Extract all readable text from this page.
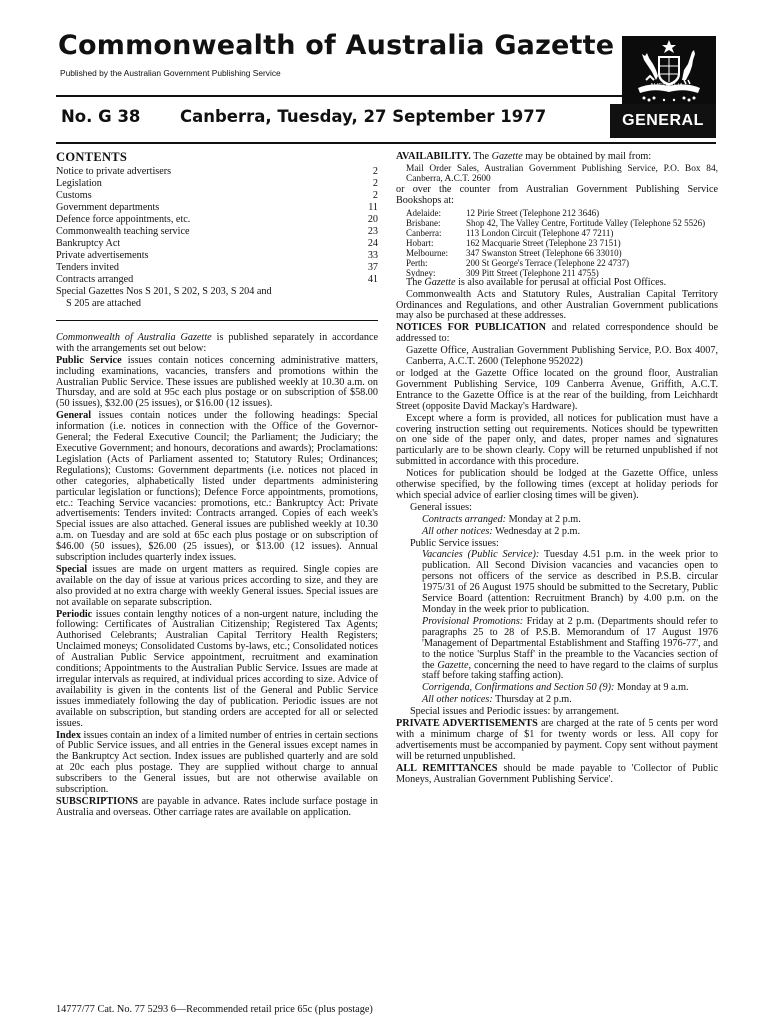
Commonwealth of Australia Gazette
Published by the Australian Government Publishing Service
AUSTRALIA
No. G 38 Canberra, Tuesday, 27 September 1977	GENERAL
CONTENTS
Notice to private advertisers	2
Legislation	2
Customs	2
Government departments	11
Defence force appointments, etc.	20
Commonwealth teaching service	23
Bankruptcy Act	24
Private advertisements	33
Tenders invited	37
Contracts arranged	41
Special Gazettes Nos S 201, S 202, S 203, S 204 and
S 205 are attached

Commonwealth of Australia Gazette is published separately in accordance with the arrangements set out below:

Public Service issues contain notices concerning administrative matters, including examinations, vacancies, transfers and promotions within the Australian Public Service. These issues are published weekly at 10.30 a.m. on Thursday, and are sold at 95c each plus postage or on subscription of $58.00 (50 issues), $32.00 (25 issues), or $16.00 (12 issues).

General issues contain notices under the following headings: Special information (i.e. notices in connection with the Office of the Governor-General; the Federal Executive Council; the Parliament; the Judiciary; the Executive Government; and honours, decorations and awards); Proclamations: Legislation (Acts of Parliament assented to; Statutory Rules; Ordinances; Regulations); Customs: Government departments (i.e. notices not placed in other categories, alphabetically listed under departments administering particular legislation or functions); Defence Force appointments, promotions, etc.: Teaching Service vacancies: promotions, etc.: Bankruptcy Act: Private advertisements: Tenders invited: Contracts arranged. Copies of each week's Special issues are also attached. General issues are published weekly at 10.30 a.m. on Tuesday and are sold at 65c each plus postage or on subscription of $46.00 (50 issues), $26.00 (25 issues), or $13.00 (12 issues). Annual subscription includes quarterly index issues.

Special issues are made on urgent matters as required. Single copies are available on the day of issue at various prices according to size, and they are also provided at no extra charge with weekly General issues. Special issues are not available on separate subscription.

Periodic issues contain lengthy notices of a non-urgent nature, including the following: Certificates of Australian Citizenship; Registered Tax Agents; Authorised Celebrants; Australian Capital Territory Health Registers; Unclaimed moneys; Consolidated Customs by-laws, etc.; Consolidated notices of Australian Public Service appointment, recruitment and examination conditions; Appointments to the Australian Public Service. Issues are made at irregular intervals as required, at individual prices according to size. Advice of availability is given in the contents list of the General and Public Service issues immediately following the day of publication. Periodic issues are not available on subscription, but standing orders are accepted for all or selected issues.

Index issues contain an index of a limited number of entries in certain sections of Public Service issues, and all entries in the General issues except names in the Bankruptcy Act section. Index issues are published quarterly and are sold at 20c each plus postage. They are supplied without charge to annual subscribers to the General issues, but are not otherwise available on subscription.

SUBSCRIPTIONS are payable in advance. Rates include surface postage in Australia and overseas. Other carriage rates are available on application.

AVAILABILITY. The Gazette may be obtained by mail from:

Mail Order Sales, Australian Government Publishing Service, P.O. Box 84, Canberra, A.C.T. 2600

or over the counter from Australian Government Publishing Service Bookshops at:

Adelaide:	12 Pirie Street (Telephone 212 3646)
Brisbane:	Shop 42, The Valley Centre, Fortitude Valley (Telephone 52 5526)
Canberra:	113 London Circuit (Telephone 47 7211)
Hobart:	162 Macquarie Street (Telephone 23 7151)
Melbourne:	347 Swanston Street (Telephone 66 33010)
Perth:	200 St George's Terrace (Telephone 22 4737)
Sydney:	309 Pitt Street (Telephone 211 4755)

The Gazette is also available for perusal at official Post Offices.

Commonwealth Acts and Statutory Rules, Australian Capital Territory Ordinances and Regulations, and other Australian Government publications may also be purchased at these addresses.

NOTICES FOR PUBLICATION and related correspondence should be addressed to:

Gazette Office, Australian Government Publishing Service, P.O. Box 4007, Canberra, A.C.T. 2600 (Telephone 952022)

or lodged at the Gazette Office located on the ground floor, Australian Government Publishing Service, 109 Canberra Avenue, Griffith, A.C.T. Entrance to the Gazette Office is at the rear of the building, from Leichhardt Street (opposite David Mackay's Hardware).

Except where a form is provided, all notices for publication must have a covering instruction setting out requirements. Notices should be typewritten on one side of the paper only, and dates, proper names and signatures particularly are to be shown clearly. Copy will be returned unpublished if not submitted in accordance with this procedure.

Notices for publication should be lodged at the Gazette Office, unless otherwise specified, by the following times (except at holiday periods for which special advice of earlier closing times will be given).

General issues:

Contracts arranged: Monday at 2 p.m.

All other notices: Wednesday at 2 p.m.

Public Service issues:

Vacancies (Public Service): Tuesday 4.51 p.m. in the week prior to publication. All Second Division vacancies and vacancies open to persons not officers of the service as described in P.S.B. circular 1975/31 of 26 August 1975 should be submitted to the Secretary, Public Service Board (attention: Recruitment Branch) by 4.00 p.m. on the Monday in the week prior to publication.

Provisional Promotions: Friday at 2 p.m. (Departments should refer to paragraphs 25 to 28 of P.S.B. Memorandum of 17 August 1976 'Management of Departmental Establishment and Staffing 1976-77', and to the notice 'Surplus Staff' in the preamble to the Vacancies section of the Gazette, concerning the need to have regard to the claims of surplus staff before taking staffing action).

Corrigenda, Confirmations and Section 50 (9): Monday at 9 a.m.

All other notices: Thursday at 2 p.m.

Special issues and Periodic issues: by arrangement.

PRIVATE ADVERTISEMENTS are charged at the rate of 5 cents per word with a minimum charge of $1 for twenty words or less. All copy for advertisements must be accompanied by payment. Copy sent without payment will be returned unpublished.

ALL REMITTANCES should be made payable to 'Collector of Public Moneys, Australian Government Publishing Service'.

14777/77 Cat. No. 77 5293 6—Recommended retail price 65c (plus postage)
